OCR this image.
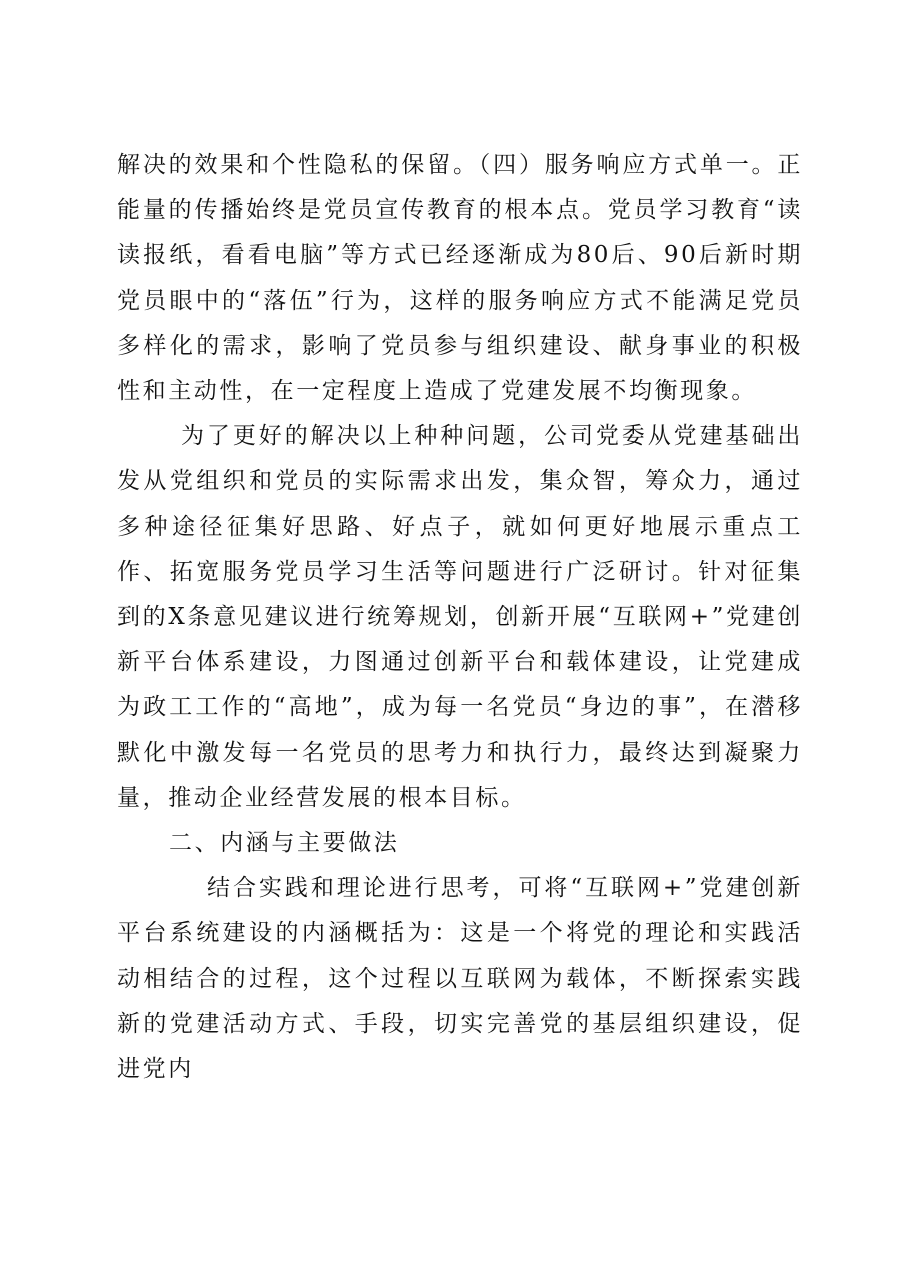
解决的效果和个性隐私的保留。（四）服务响应方式单一。正能量的传播始终是党员宣传教育的根本点。党员学习教育“读读报纸，看看电脑”等方式已经逐渐成为80后、90后新时期党员眼中的“落伍”行为，这样的服务响应方式不能满足党员多样化的需求，影响了党员参与组织建设、献身事业的积极性和主动性，在一定程度上造成了党建发展不均衡现象。

为了更好的解决以上种种问题，公司党委从党建基础出发从党组织和党员的实际需求出发，集众智，筹众力，通过多种途径征集好思路、好点子，就如何更好地展示重点工作、拓宽服务党员学习生活等问题进行广泛研讨。针对征集到的X条意见建议进行统筹规划，创新开展“互联网+”党建创新平台体系建设，力图通过创新平台和载体建设，让党建成为政工工作的“高地”，成为每一名党员“身边的事”，在潜移默化中激发每一名党员的思考力和执行力，最终达到凝聚力量，推动企业经营发展的根本目标。

二、内涵与主要做法

结合实践和理论进行思考，可将“互联网+”党建创新平台系统建设的内涵概括为：这是一个将党的理论和实践活动相结合的过程，这个过程以互联网为载体，不断探索实践新的党建活动方式、手段，切实完善党的基层组织建设，促进党内
